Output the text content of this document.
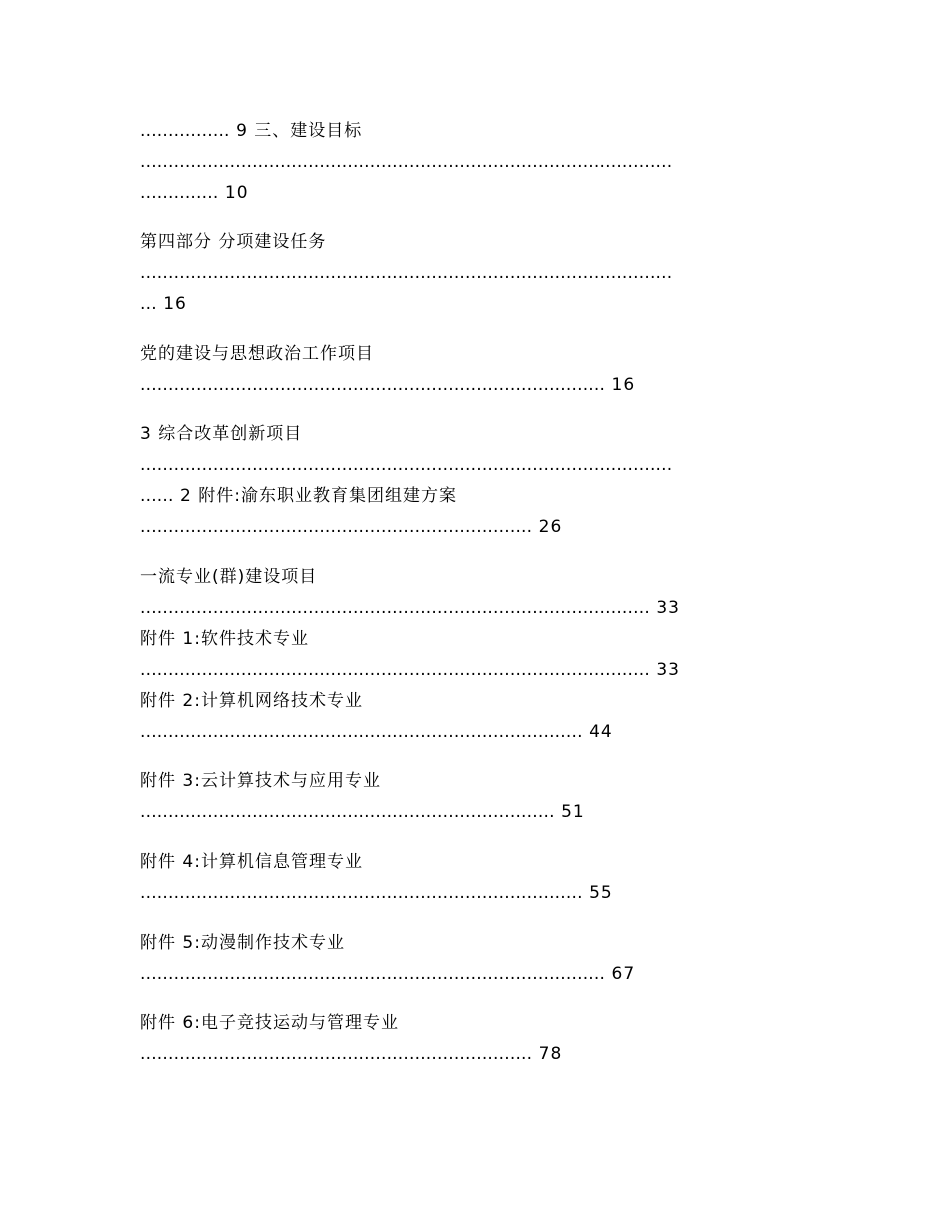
................ 9 三、建设目标
...............................................................................................
.............. 10
第四部分 分项建设任务
...............................................................................................
... 16
党的建设与思想政治工作项目
................................................................................... 16
3 综合改革创新项目
...............................................................................................
...... 2 附件:渝东职业教育集团组建方案
...................................................................... 26
一流专业(群)建设项目
........................................................................................... 33
附件 1:软件技术专业
........................................................................................... 33
附件 2:计算机网络技术专业
............................................................................... 44
附件 3:云计算技术与应用专业
.......................................................................... 51
附件 4:计算机信息管理专业
............................................................................... 55
附件 5:动漫制作技术专业
................................................................................... 67
附件 6:电子竞技运动与管理专业
...................................................................... 78
